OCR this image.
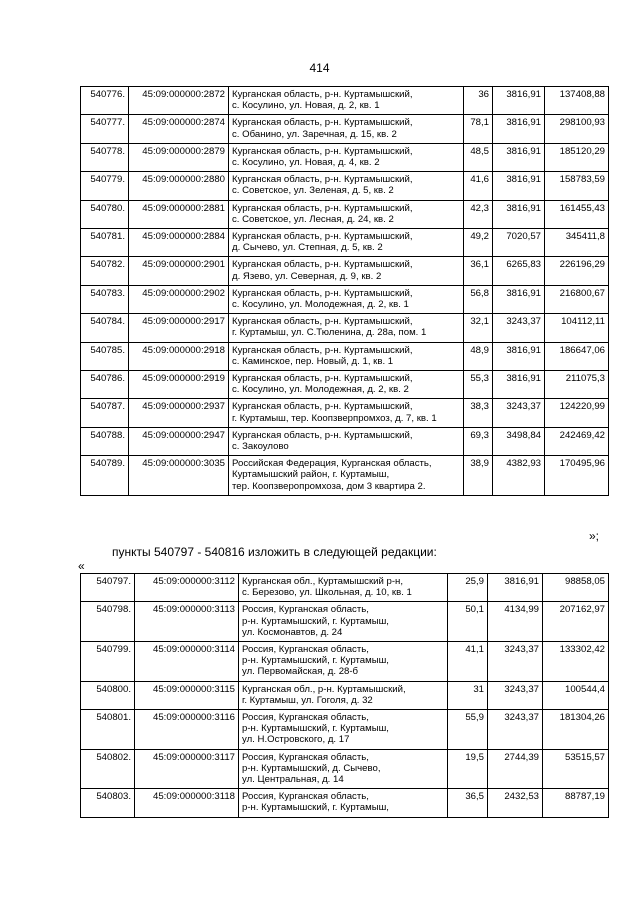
414
540776.	45:09:000000:2872	Курганская область, р-н. Куртамышский,
с. Косулино, ул. Новая, д. 2, кв. 1	36	3816,91	137408,88
540777.	45:09:000000:2874	Курганская область, р-н. Куртамышский,
с. Обанино, ул. Заречная, д. 15, кв. 2	78,1	3816,91	298100,93
540778.	45:09:000000:2879	Курганская область, р-н. Куртамышский,
с. Косулино, ул. Новая, д. 4, кв. 2	48,5	3816,91	185120,29
540779.	45:09:000000:2880	Курганская область, р-н. Куртамышский,
с. Советское, ул. Зеленая, д. 5, кв. 2	41,6	3816,91	158783,59
540780.	45:09:000000:2881	Курганская область, р-н. Куртамышский,
с. Советское, ул. Лесная, д. 24, кв. 2	42,3	3816,91	161455,43
540781.	45:09:000000:2884	Курганская область, р-н. Куртамышский,
д. Сычево, ул. Степная, д. 5, кв. 2	49,2	7020,57	345411,8
540782.	45:09:000000:2901	Курганская область, р-н. Куртамышский,
д. Язево, ул. Северная, д. 9, кв. 2	36,1	6265,83	226196,29
540783.	45:09:000000:2902	Курганская область, р-н. Куртамышский,
с. Косулино, ул. Молодежная, д. 2, кв. 1	56,8	3816,91	216800,67
540784.	45:09:000000:2917	Курганская область, р-н. Куртамышский,
г. Куртамыш, ул. С.Тюленина, д. 28а, пом. 1	32,1	3243,37	104112,11
540785.	45:09:000000:2918	Курганская область, р-н. Куртамышский,
с. Каминское, пер. Новый, д. 1, кв. 1	48,9	3816,91	186647,06
540786.	45:09:000000:2919	Курганская область, р-н. Куртамышский,
с. Косулино, ул. Молодежная, д. 2, кв. 2	55,3	3816,91	211075,3
540787.	45:09:000000:2937	Курганская область, р-н. Куртамышский,
г. Куртамыш, тер. Коопзверпромхоз, д. 7, кв. 1	38,3	3243,37	124220,99
540788.	45:09:000000:2947	Курганская область, р-н. Куртамышский,
с. Закоулово	69,3	3498,84	242469,42
540789.	45:09:000000:3035	Российская Федерация, Курганская область,
Куртамышский район, г. Куртамыш,
тер. Коопзверопромхоза, дом 3 квартира 2.	38,9	4382,93	170495,96
»;
пункты 540797 - 540816 изложить в следующей редакции:
«
540797.	45:09:000000:3112	Курганская обл., Куртамышский р-н,
с. Березово, ул. Школьная, д. 10, кв. 1	25,9	3816,91	98858,05
540798.	45:09:000000:3113	Россия, Курганская область,
р-н. Куртамышский, г. Куртамыш,
ул. Космонавтов, д. 24	50,1	4134,99	207162,97
540799.	45:09:000000:3114	Россия, Курганская область,
р-н. Куртамышский, г. Куртамыш,
ул. Первомайская, д. 28-б	41,1	3243,37	133302,42
540800.	45:09:000000:3115	Курганская обл., р-н. Куртамышский,
г. Куртамыш, ул. Гоголя, д. 32	31	3243,37	100544,4
540801.	45:09:000000:3116	Россия, Курганская область,
р-н. Куртамышский, г. Куртамыш,
ул. Н.Островского, д. 17	55,9	3243,37	181304,26
540802.	45:09:000000:3117	Россия, Курганская область,
р-н. Куртамышский, д. Сычево,
ул. Центральная, д. 14	19,5	2744,39	53515,57
540803.	45:09:000000:3118	Россия, Курганская область,
р-н. Куртамышский, г. Куртамыш,	36,5	2432,53	88787,19
